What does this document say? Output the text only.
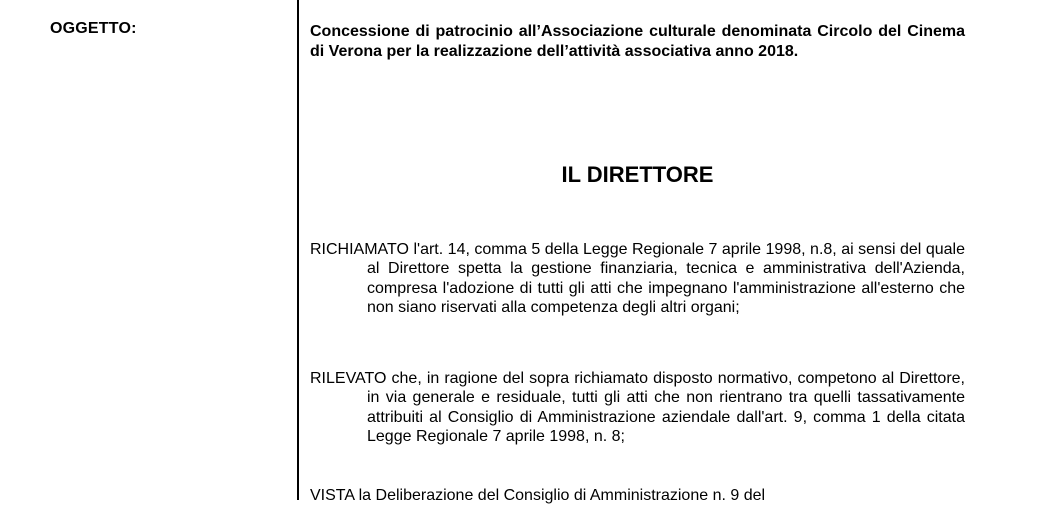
OGGETTO:	Concessione di patrocinio all’Associazione culturale denominata Circolo del Cinema di Verona per la realizzazione dell’attività associativa anno 2018.
IL DIRETTORE
RICHIAMATO l'art. 14, comma 5 della Legge Regionale 7 aprile 1998, n.8, ai sensi del quale al Direttore spetta la gestione finanziaria, tecnica e amministrativa dell'Azienda, compresa l'adozione di tutti gli atti che impegnano l'amministrazione all'esterno che non siano riservati alla competenza degli altri organi;
RILEVATO che, in ragione del sopra richiamato disposto normativo, competono al Direttore, in via generale e residuale, tutti gli atti che non rientrano tra quelli tassativamente attribuiti al Consiglio di Amministrazione aziendale dall'art. 9, comma 1 della citata Legge Regionale 7 aprile 1998, n. 8;
VISTA la Deliberazione del Consiglio di Amministrazione n. 9 del
